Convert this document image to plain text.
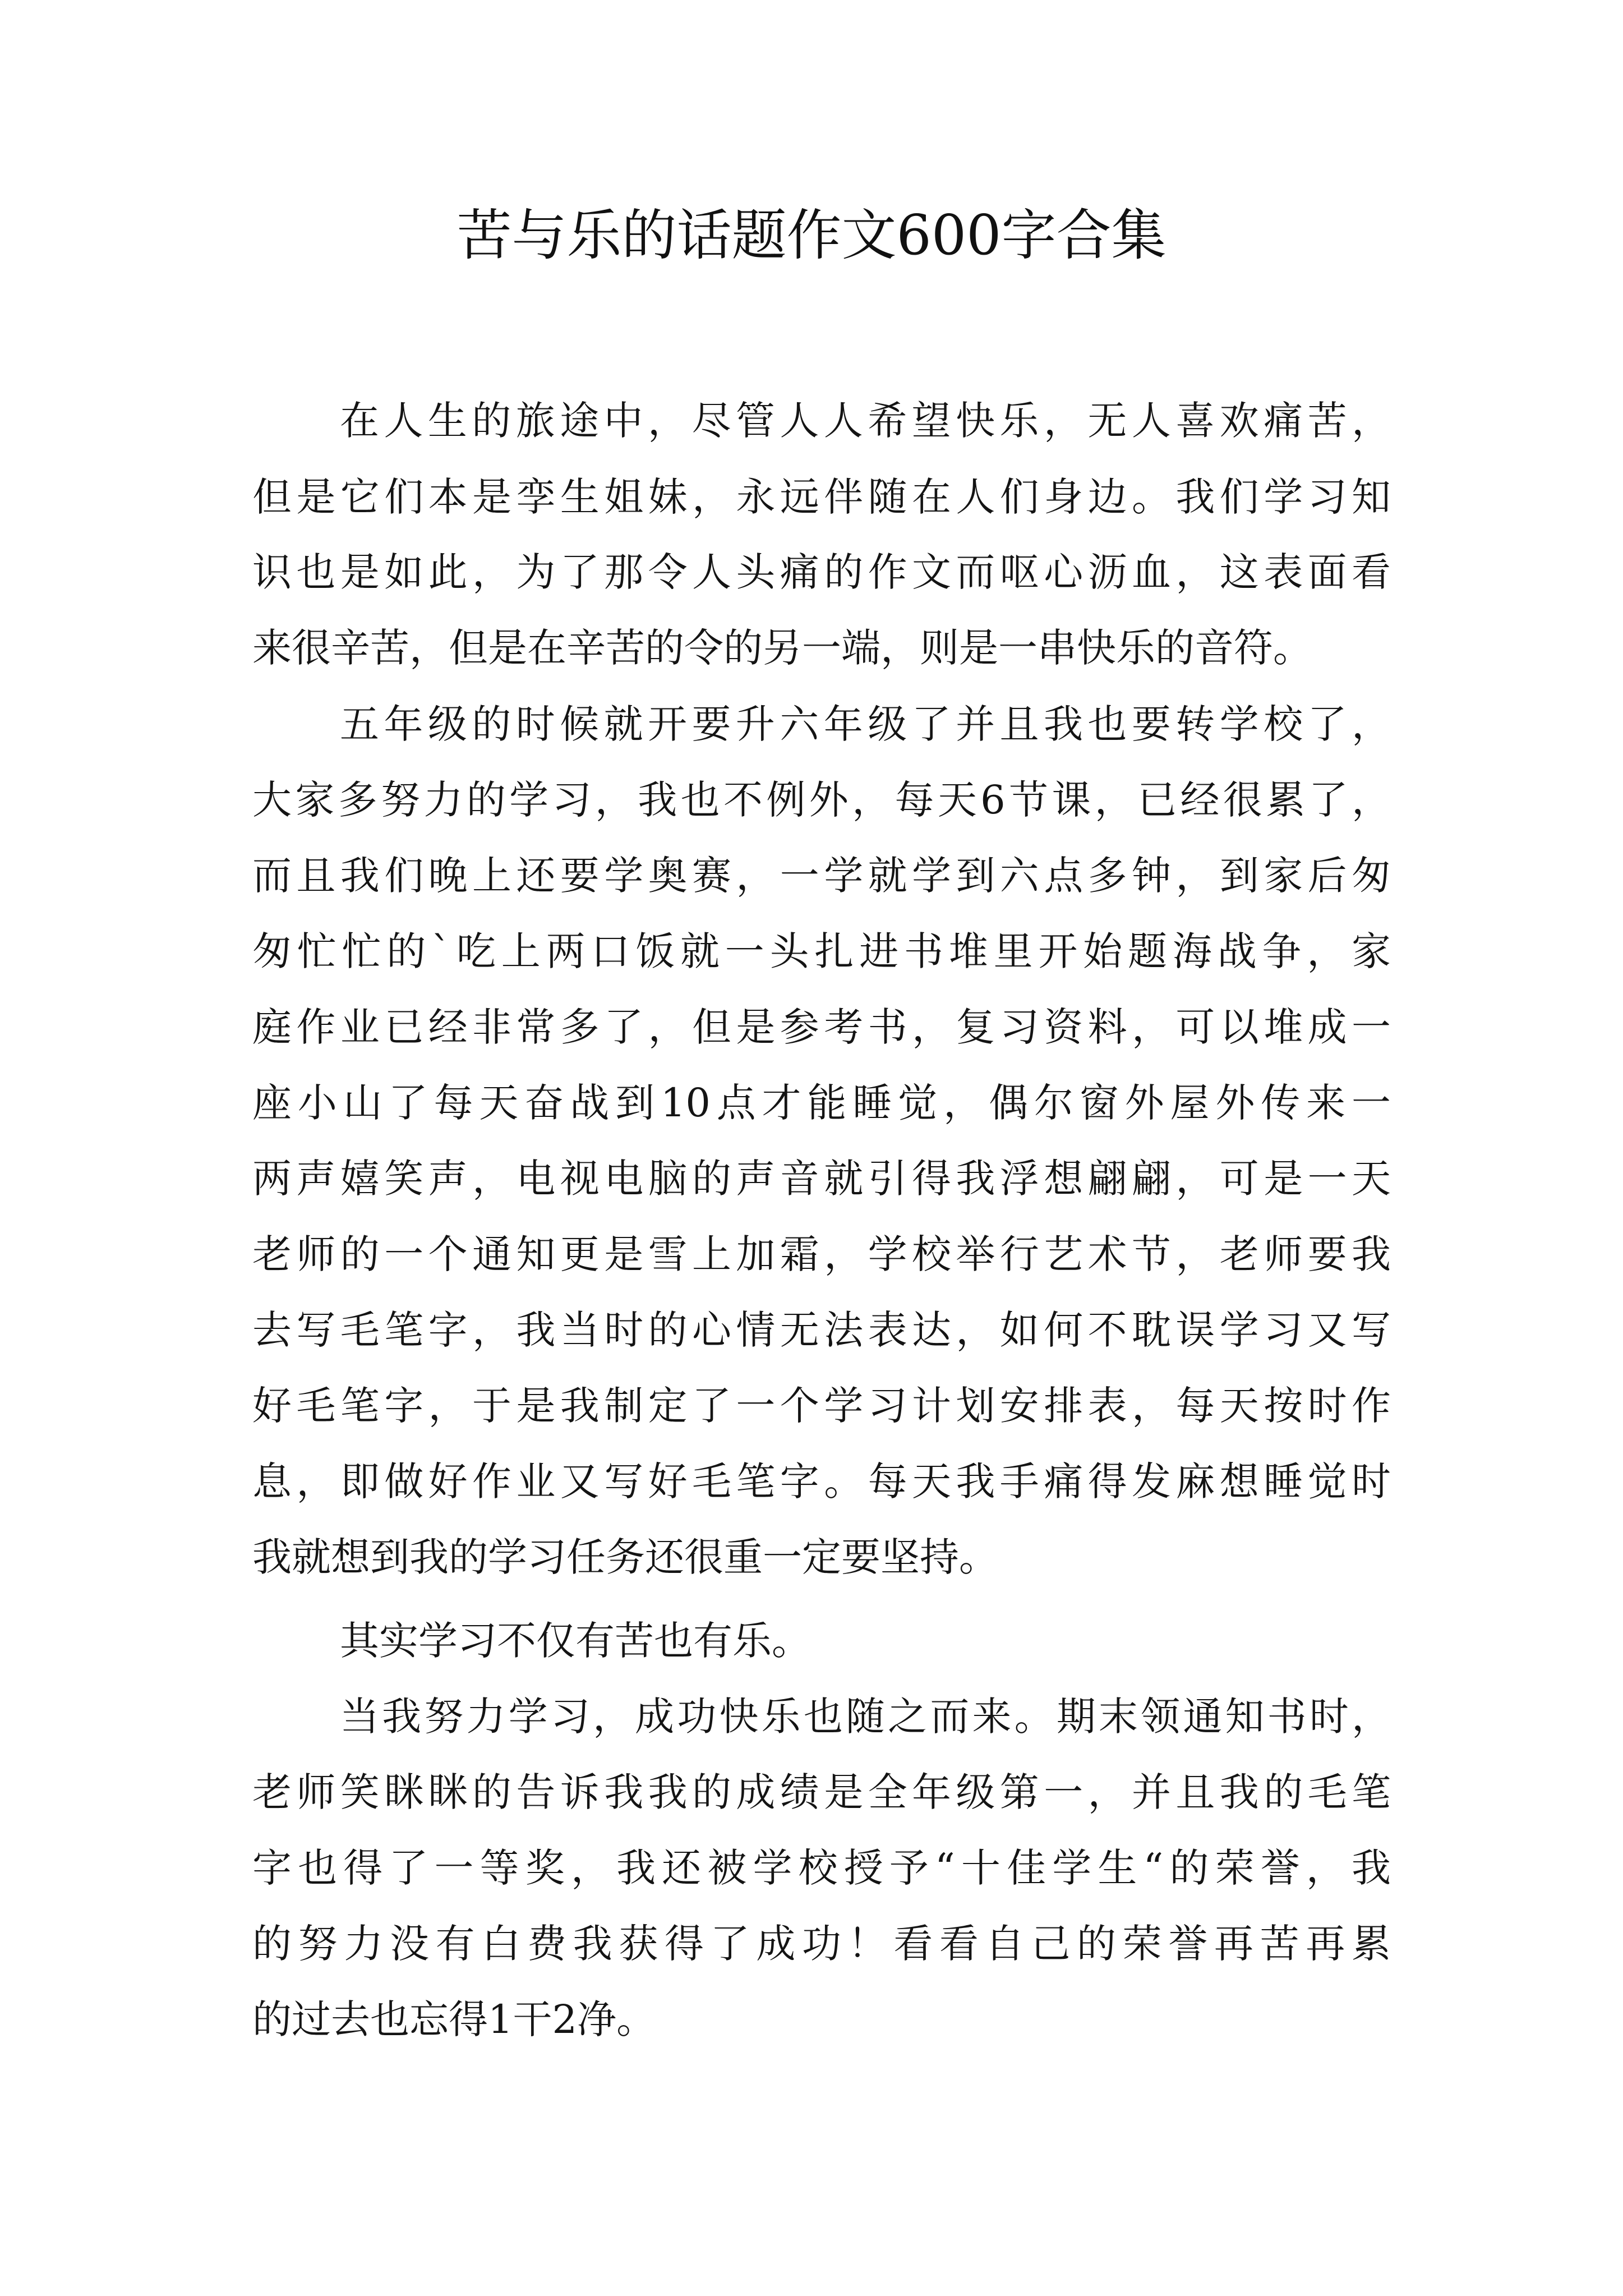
苦与乐的话题作文600字合集
在人生的旅途中，尽管人人希望快乐，无人喜欢痛苦，
但是它们本是孪生姐妹，永远伴随在人们身边。我们学习知
识也是如此，为了那令人头痛的作文而呕心沥血，这表面看
来很辛苦，但是在辛苦的令的另一端，则是一串快乐的音符。
五年级的时候就开要升六年级了并且我也要转学校了，
大家多努力的学习，我也不例外，每天6节课，已经很累了，
而且我们晚上还要学奥赛，一学就学到六点多钟，到家后匆
匆忙忙的`吃上两口饭就一头扎进书堆里开始题海战争，家
庭作业已经非常多了，但是参考书，复习资料，可以堆成一
座小山了每天奋战到10点才能睡觉，偶尔窗外屋外传来一
两声嬉笑声，电视电脑的声音就引得我浮想翩翩，可是一天
老师的一个通知更是雪上加霜，学校举行艺术节，老师要我
去写毛笔字，我当时的心情无法表达，如何不耽误学习又写
好毛笔字，于是我制定了一个学习计划安排表，每天按时作
息，即做好作业又写好毛笔字。每天我手痛得发麻想睡觉时
我就想到我的学习任务还很重一定要坚持。
其实学习不仅有苦也有乐。
当我努力学习，成功快乐也随之而来。期末领通知书时，
老师笑眯眯的告诉我我的成绩是全年级第一，并且我的毛笔
字也得了一等奖，我还被学校授予“十佳学生“的荣誉，我
的努力没有白费我获得了成功！看看自己的荣誉再苦再累
的过去也忘得1干2净。
